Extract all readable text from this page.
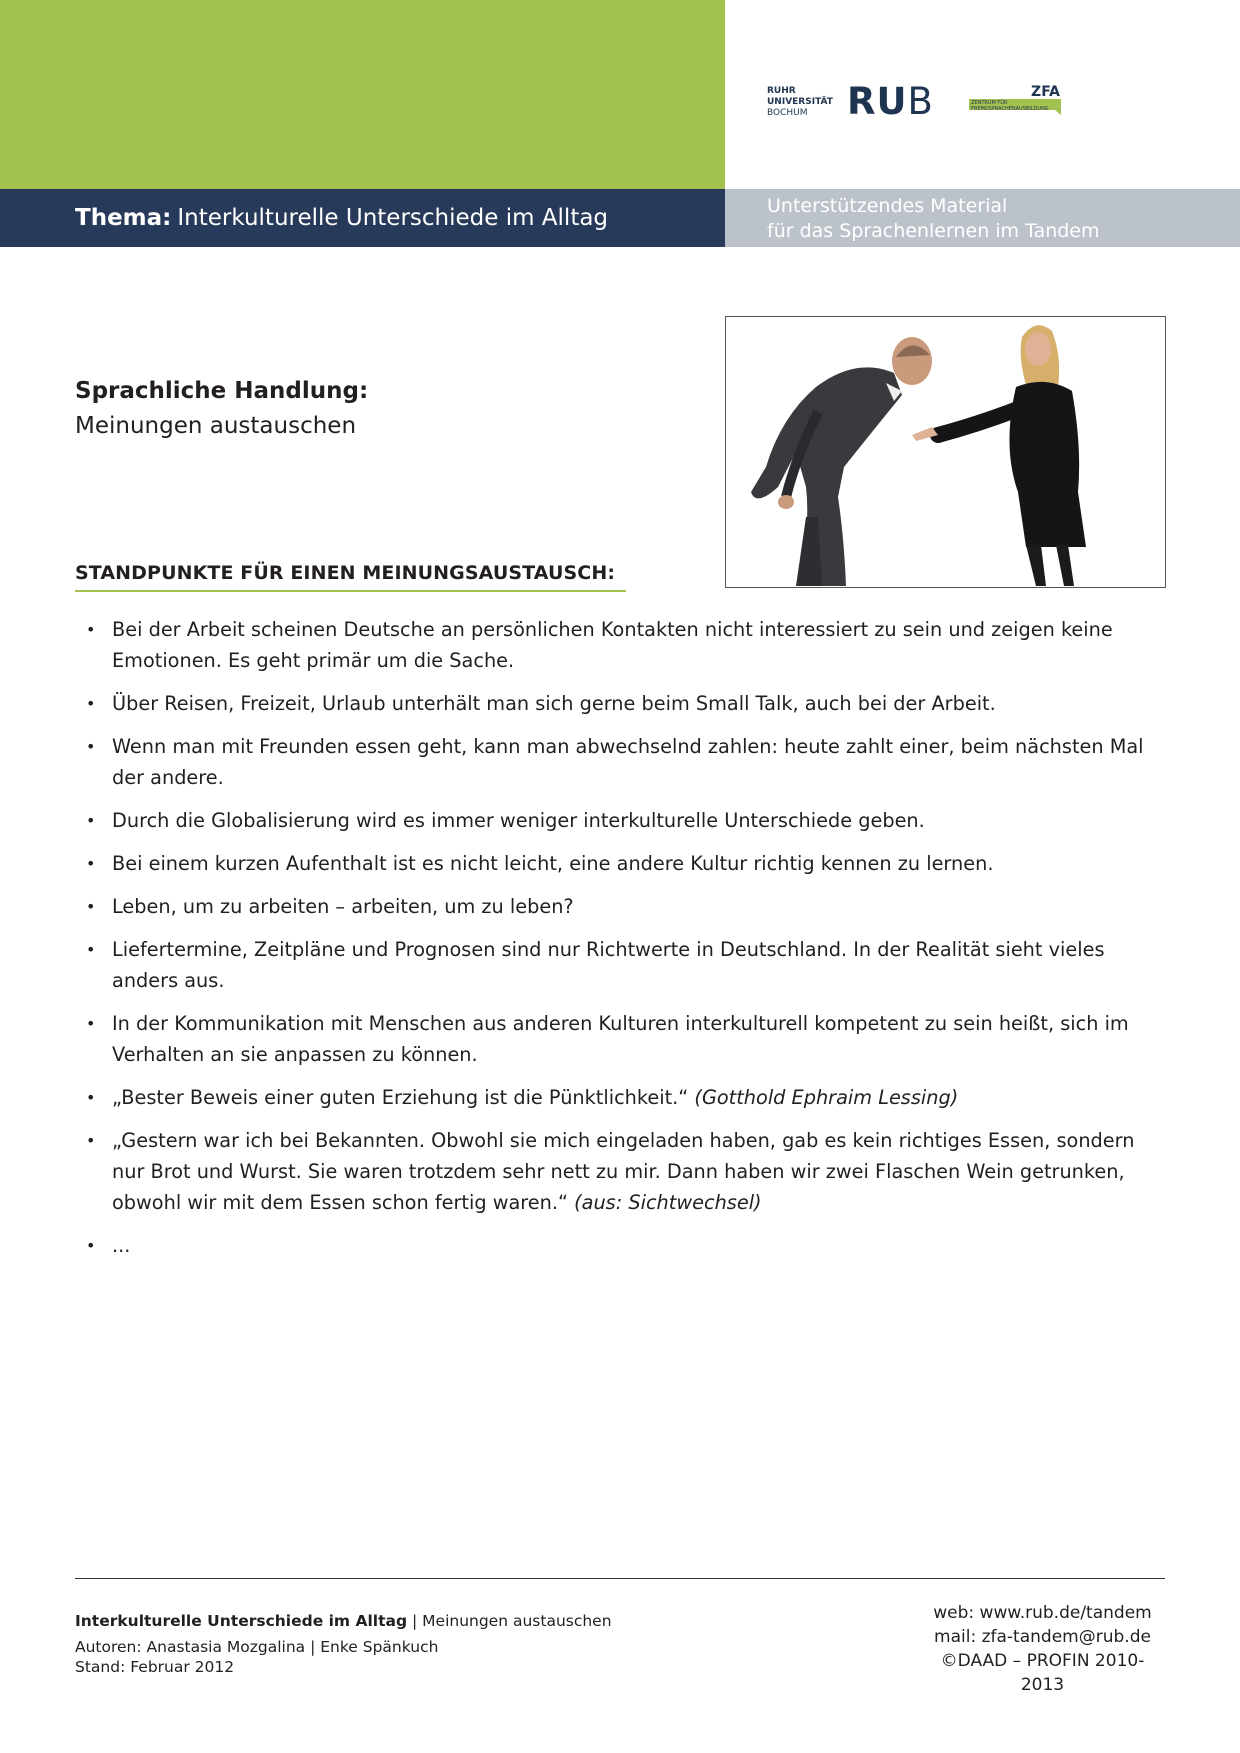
RUHR
UNIVERSITÄT
BOCHUM	RUB	ZFA
ZENTRUM FÜR FREMDSPRACHENAUSBILDUNG
Thema: Interkulturelle Unterschiede im Alltag	Unterstützendes Material
für das Sprachenlernen im Tandem
Sprachliche Handlung:
Meinungen austauschen
STANDPUNKTE FÜR EINEN MEINUNGSAUSTAUSCH:
• Bei der Arbeit scheinen Deutsche an persönlichen Kontakten nicht interessiert zu sein und zeigen keine Emotionen. Es geht primär um die Sache.
• Über Reisen, Freizeit, Urlaub unterhält man sich gerne beim Small Talk, auch bei der Arbeit.
• Wenn man mit Freunden essen geht, kann man abwechselnd zahlen: heute zahlt einer, beim nächsten Mal der andere.
• Durch die Globalisierung wird es immer weniger interkulturelle Unterschiede geben.
• Bei einem kurzen Aufenthalt ist es nicht leicht, eine andere Kultur richtig kennen zu lernen.
• Leben, um zu arbeiten – arbeiten, um zu leben?
• Liefertermine, Zeitpläne und Prognosen sind nur Richtwerte in Deutschland. In der Realität sieht vieles anders aus.
• In der Kommunikation mit Menschen aus anderen Kulturen interkulturell kompetent zu sein heißt, sich im Verhalten an sie anpassen zu können.
• „Bester Beweis einer guten Erziehung ist die Pünktlichkeit.“ (Gotthold Ephraim Lessing)
• „Gestern war ich bei Bekannten. Obwohl sie mich eingeladen haben, gab es kein richtiges Essen, sondern nur Brot und Wurst. Sie waren trotzdem sehr nett zu mir. Dann haben wir zwei Flaschen Wein getrunken, obwohl wir mit dem Essen schon fertig waren.“ (aus: Sichtwechsel)
• ...
Interkulturelle Unterschiede im Alltag | Meinungen austauschen
Autoren: Anastasia Mozgalina | Enke Spänkuch
Stand: Februar 2012
web: www.rub.de/tandem
mail: zfa-tandem@rub.de
©DAAD – PROFIN 2010-2013
